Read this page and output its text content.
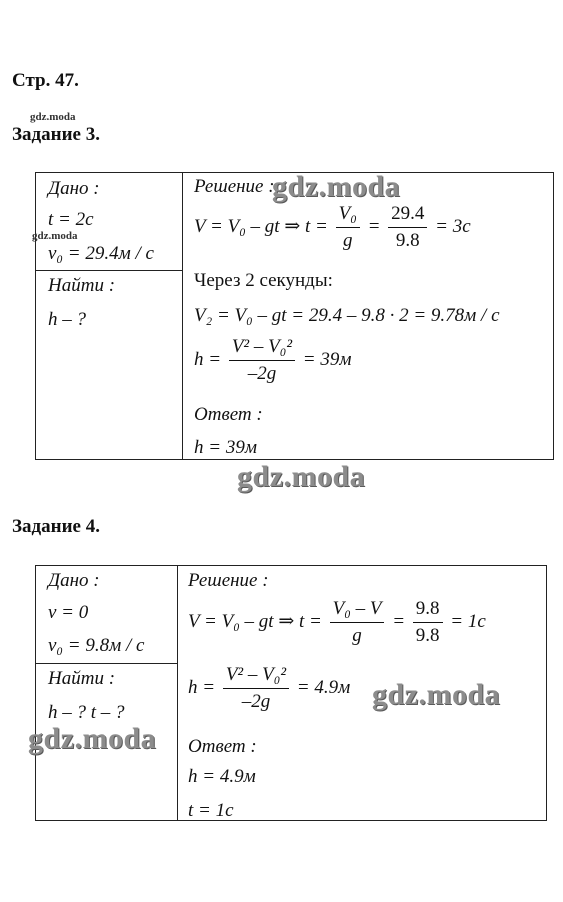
Стр. 47.
gdz.moda
Задание 3.
Дано :
t = 2c
v₀ = 29.4м / с
gdz.moda
Найти :
h – ?
Решение :
V = V₀ – gt ⇒ $t = \frac{\text{V₀}}{g} = \frac{29.4}{9.8} = 3c$
Через 2 секунды:
V₂ = V₀ – gt = 29.4 – 9.8 · 2 = 9.78м / с
$h = \frac{\text{V² – V₀²}}{-2g} = 39м$
Ответ :
h = 39м
gdz.moda
gdz.moda
Задание 4.
Дано :
v = 0
v₀ = 9.8м / с
Найти :
h – ? t – ?
Решение :
V = V₀ – gt ⇒ $t = \frac{\text{V₀ – V}}{g} = \frac{9.8}{9.8} = 1c$
$h = \frac{\text{V² – V₀²}}{-2g} = 4.9м$
Ответ :
h = 4.9м
t = 1c
gdz.moda
gdz.moda
